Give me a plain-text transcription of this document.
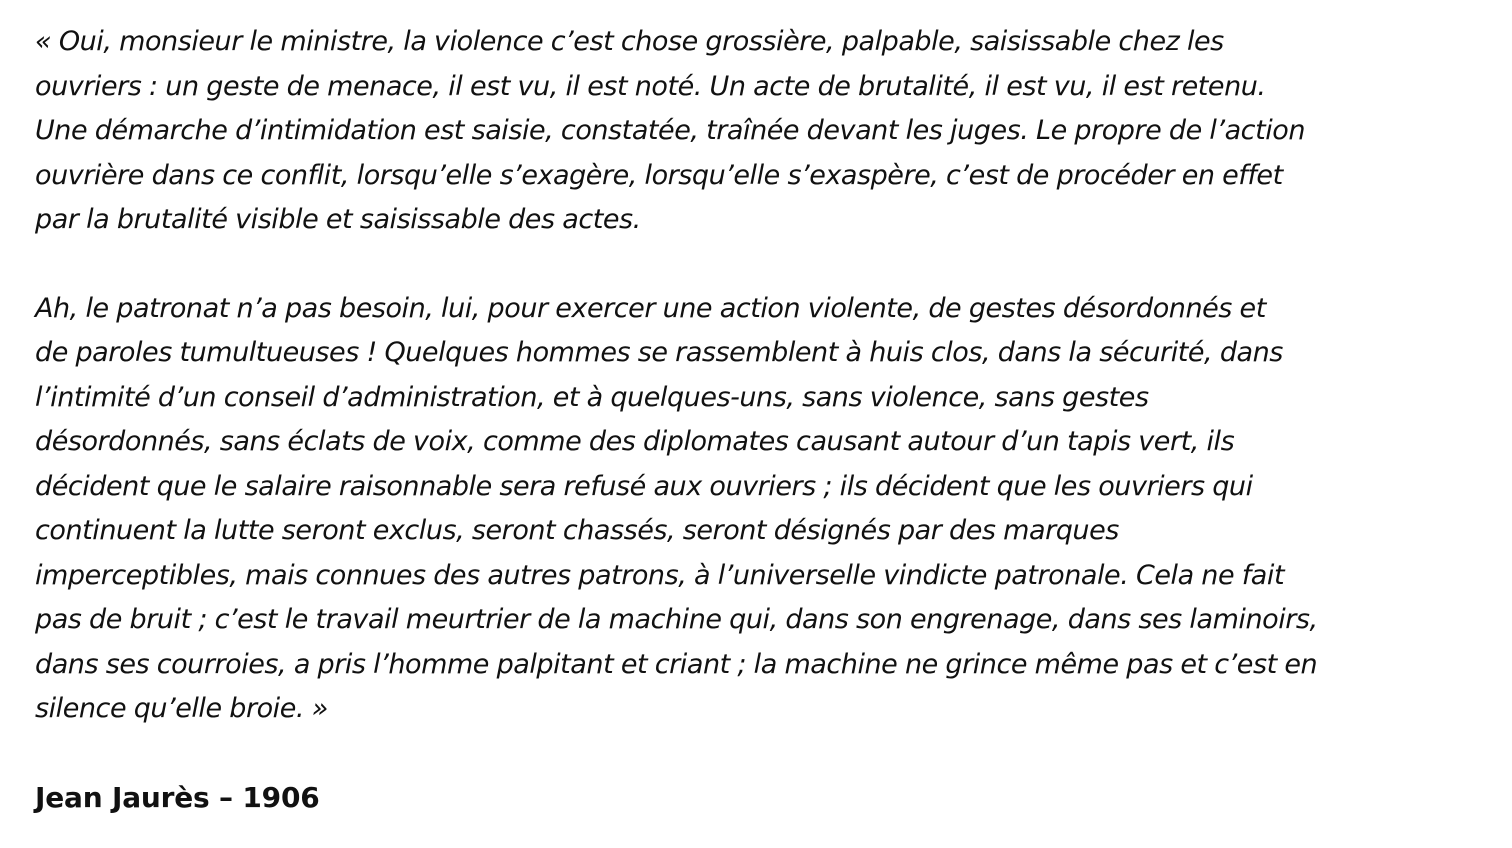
« Oui, monsieur le ministre, la violence c’est chose grossière, palpable, saisissable chez les
ouvriers : un geste de menace, il est vu, il est noté. Un acte de brutalité, il est vu, il est retenu.
Une démarche d’intimidation est saisie, constatée, traînée devant les juges. Le propre de l’action
ouvrière dans ce conflit, lorsqu’elle s’exagère, lorsqu’elle s’exaspère, c’est de procéder en effet
par la brutalité visible et saisissable des actes.

Ah, le patronat n’a pas besoin, lui, pour exercer une action violente, de gestes désordonnés et
de paroles tumultueuses ! Quelques hommes se rassemblent à huis clos, dans la sécurité, dans
l’intimité d’un conseil d’administration, et à quelques-uns, sans violence, sans gestes
désordonnés, sans éclats de voix, comme des diplomates causant autour d’un tapis vert, ils
décident que le salaire raisonnable sera refusé aux ouvriers ; ils décident que les ouvriers qui
continuent la lutte seront exclus, seront chassés, seront désignés par des marques
imperceptibles, mais connues des autres patrons, à l’universelle vindicte patronale. Cela ne fait
pas de bruit ; c’est le travail meurtrier de la machine qui, dans son engrenage, dans ses laminoirs,
dans ses courroies, a pris l’homme palpitant et criant ; la machine ne grince même pas et c’est en
silence qu’elle broie. »

Jean Jaurès – 1906
